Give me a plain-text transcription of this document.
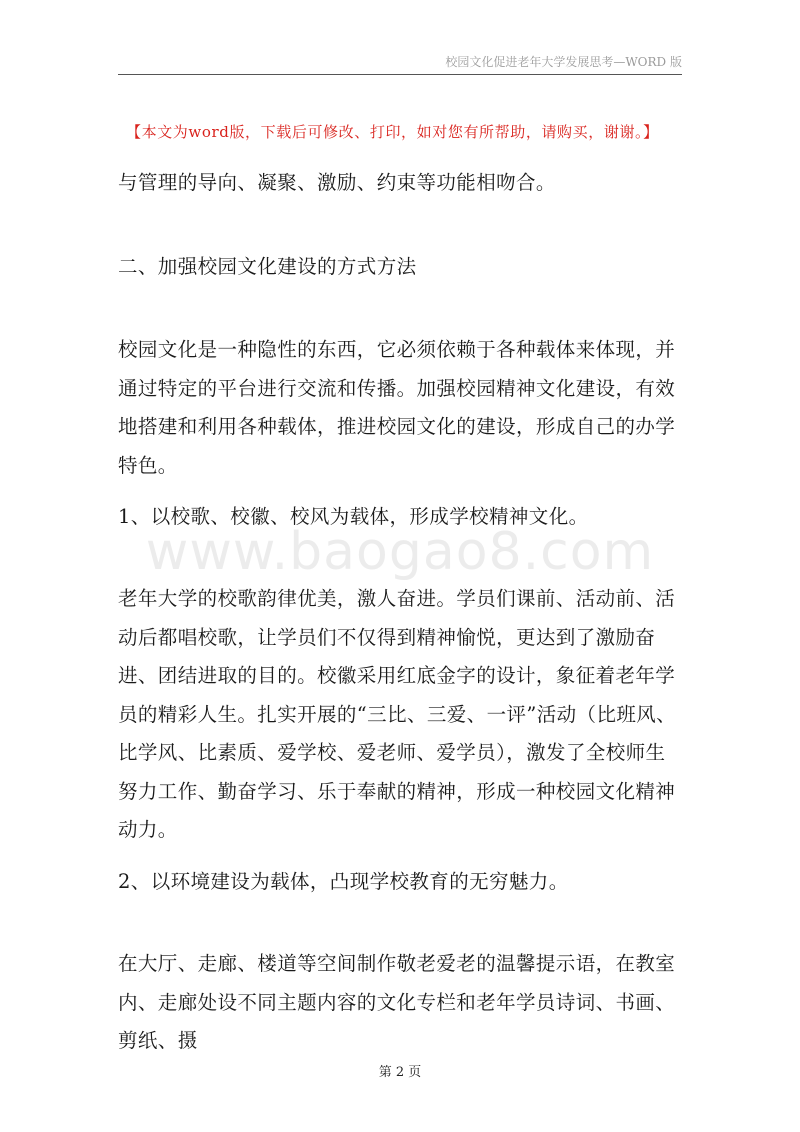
校园文化促进老年大学发展思考—WORD 版
【本文为word版，下载后可修改、打印，如对您有所帮助，请购买，谢谢。】
www.baogao8.com

与管理的导向、凝聚、激励、约束等功能相吻合。

二、加强校园文化建设的方式方法

校园文化是一种隐性的东西，它必须依赖于各种载体来体现，并通过特定的平台进行交流和传播。加强校园精神文化建设，有效地搭建和利用各种载体，推进校园文化的建设，形成自己的办学特色。

1、以校歌、校徽、校风为载体，形成学校精神文化。

老年大学的校歌韵律优美，激人奋进。学员们课前、活动前、活动后都唱校歌，让学员们不仅得到精神愉悦，更达到了激励奋进、团结进取的目的。校徽采用红底金字的设计，象征着老年学员的精彩人生。扎实开展的“三比、三爱、一评”活动（比班风、比学风、比素质、爱学校、爱老师、爱学员），激发了全校师生努力工作、勤奋学习、乐于奉献的精神，形成一种校园文化精神动力。

2、以环境建设为载体，凸现学校教育的无穷魅力。

在大厅、走廊、楼道等空间制作敬老爱老的温馨提示语，在教室内、走廊处设不同主题内容的文化专栏和老年学员诗词、书画、剪纸、摄

第 2 页
